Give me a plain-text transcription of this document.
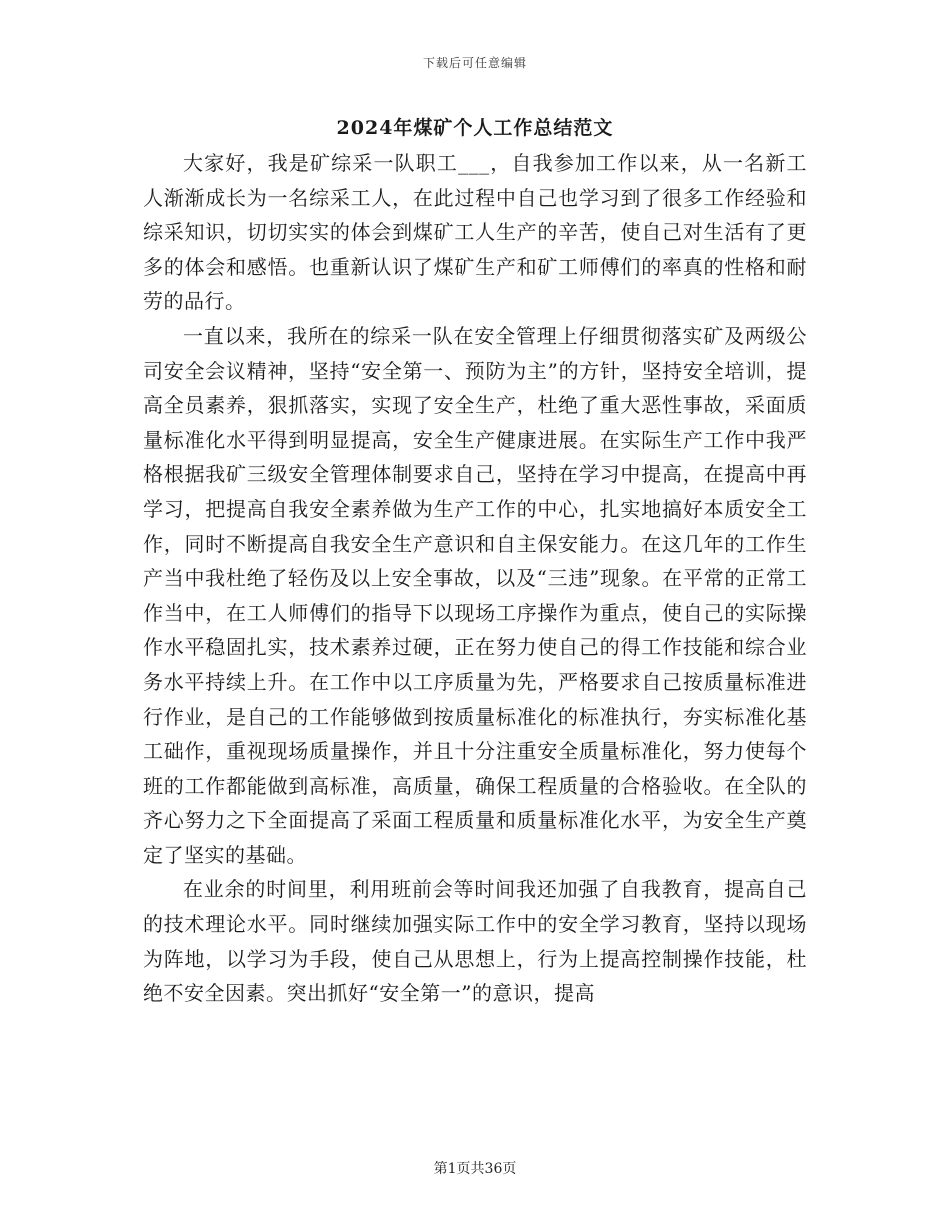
下载后可任意编辑
2024年煤矿个人工作总结范文

大家好，我是矿综采一队职工___，自我参加工作以来，从一名新工人渐渐成长为一名综采工人，在此过程中自己也学习到了很多工作经验和综采知识，切切实实的体会到煤矿工人生产的辛苦，使自己对生活有了更多的体会和感悟。也重新认识了煤矿生产和矿工师傅们的率真的性格和耐劳的品行。

一直以来，我所在的综采一队在安全管理上仔细贯彻落实矿及两级公司安全会议精神，坚持“安全第一、预防为主”的方针，坚持安全培训，提高全员素养，狠抓落实，实现了安全生产，杜绝了重大恶性事故，采面质量标准化水平得到明显提高，安全生产健康进展。在实际生产工作中我严格根据我矿三级安全管理体制要求自己，坚持在学习中提高，在提高中再学习，把提高自我安全素养做为生产工作的中心，扎实地搞好本质安全工作，同时不断提高自我安全生产意识和自主保安能力。在这几年的工作生产当中我杜绝了轻伤及以上安全事故，以及“三违”现象。在平常的正常工作当中，在工人师傅们的指导下以现场工序操作为重点，使自己的实际操作水平稳固扎实，技术素养过硬，正在努力使自己的得工作技能和综合业务水平持续上升。在工作中以工序质量为先，严格要求自己按质量标准进行作业，是自己的工作能够做到按质量标准化的标准执行，夯实标准化基工础作，重视现场质量操作，并且十分注重安全质量标准化，努力使每个班的工作都能做到高标准，高质量，确保工程质量的合格验收。在全队的齐心努力之下全面提高了采面工程质量和质量标准化水平，为安全生产奠定了坚实的基础。

在业余的时间里，利用班前会等时间我还加强了自我教育，提高自己的技术理论水平。同时继续加强实际工作中的安全学习教育，坚持以现场为阵地，以学习为手段，使自己从思想上，行为上提高控制操作技能，杜绝不安全因素。突出抓好“安全第一”的意识，提高

第1页共36页
